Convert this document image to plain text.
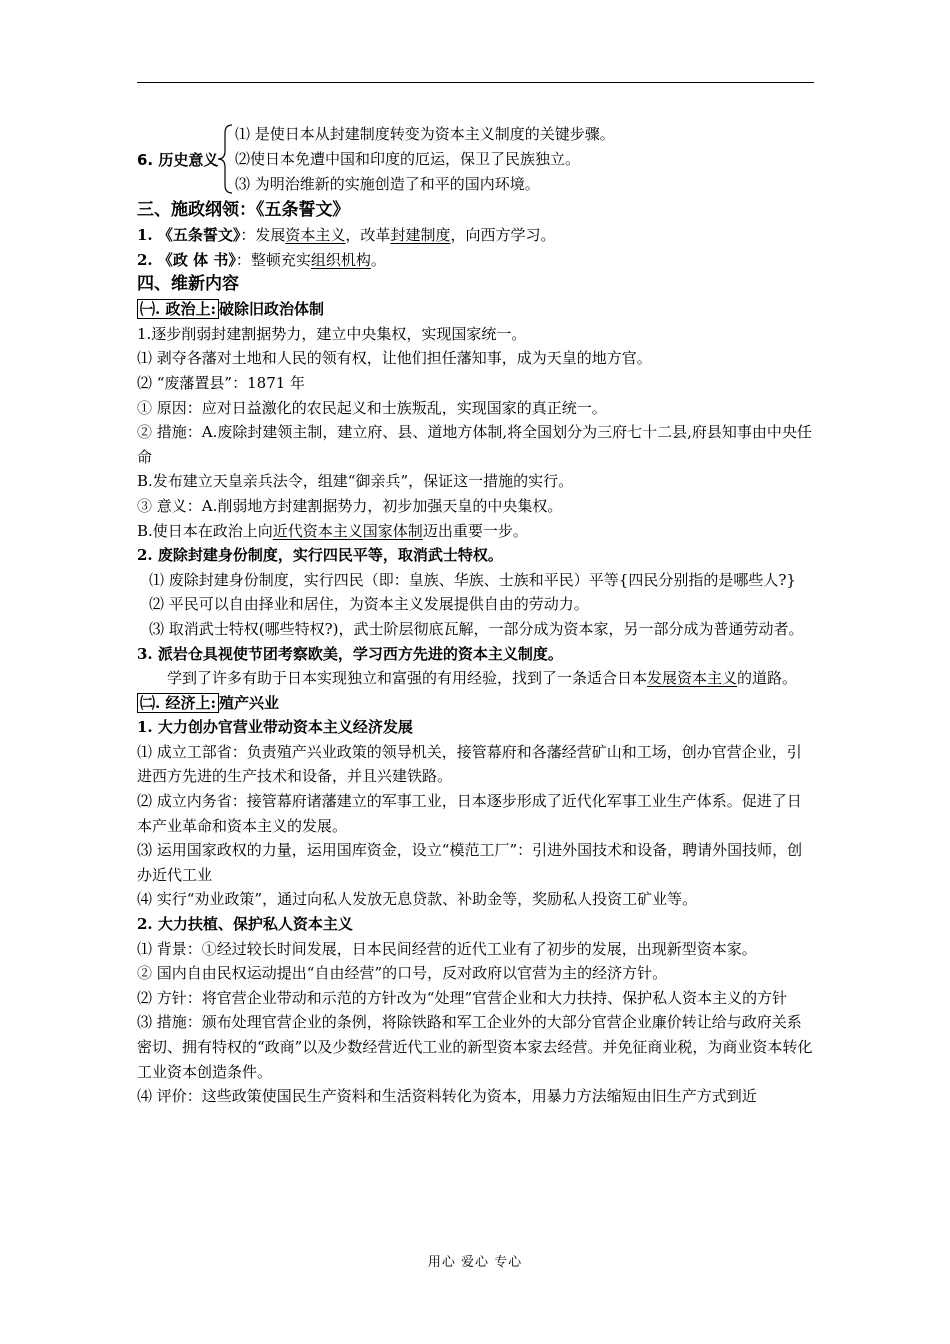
6. 历史意义

⑴ 是使日本从封建制度转变为资本主义制度的关键步骤。

⑵使日本免遭中国和印度的厄运，保卫了民族独立。

⑶ 为明治维新的实施创造了和平的国内环境。

三、施政纲领：《五条誓文》

1. 《五条誓文》：发展资本主义，改革封建制度，向西方学习。

2. 《政 体 书》：整顿充实组织机构。

四、维新内容

㈠. 政治上: 破除旧政治体制

1.逐步削弱封建割据势力，建立中央集权，实现国家统一。

⑴ 剥夺各藩对土地和人民的领有权，让他们担任藩知事，成为天皇的地方官。

⑵ “废藩置县”：1871 年

① 原因：应对日益激化的农民起义和士族叛乱，实现国家的真正统一。

② 措施：A.废除封建领主制，建立府、县、道地方体制,将全国划分为三府七十二县,府县知事由中央任命

B.发布建立天皇亲兵法令，组建“御亲兵”，保证这一措施的实行。

③ 意义：A.削弱地方封建割据势力，初步加强天皇的中央集权。

B.使日本在政治上向近代资本主义国家体制迈出重要一步。

2. 废除封建身份制度，实行四民平等，取消武士特权。

⑴ 废除封建身份制度，实行四民（即：皇族、华族、士族和平民）平等{四民分别指的是哪些人?}

⑵ 平民可以自由择业和居住，为资本主义发展提供自由的劳动力。

⑶ 取消武士特权(哪些特权?)，武士阶层彻底瓦解，一部分成为资本家，另一部分成为普通劳动者。

3. 派岩仓具视使节团考察欧美，学习西方先进的资本主义制度。

学到了许多有助于日本实现独立和富强的有用经验，找到了一条适合日本发展资本主义的道路。

㈡. 经济上: 殖产兴业

1. 大力创办官营业带动资本主义经济发展

⑴ 成立工部省：负责殖产兴业政策的领导机关，接管幕府和各藩经营矿山和工场，创办官营企业，引进西方先进的生产技术和设备，并且兴建铁路。

⑵ 成立内务省：接管幕府诸藩建立的军事工业，日本逐步形成了近代化军事工业生产体系。促进了日本产业革命和资本主义的发展。

⑶ 运用国家政权的力量，运用国库资金，设立“模范工厂”：引进外国技术和设备，聘请外国技师，创办近代工业

⑷ 实行“劝业政策”，通过向私人发放无息贷款、补助金等，奖励私人投资工矿业等。

2. 大力扶植、保护私人资本主义

⑴ 背景：①经过较长时间发展，日本民间经营的近代工业有了初步的发展，出现新型资本家。

② 国内自由民权运动提出“自由经营”的口号，反对政府以官营为主的经济方针。

⑵ 方针：将官营企业带动和示范的方针改为“处理”官营企业和大力扶持、保护私人资本主义的方针

⑶ 措施：颁布处理官营企业的条例，将除铁路和军工企业外的大部分官营企业廉价转让给与政府关系密切、拥有特权的“政商”以及少数经营近代工业的新型资本家去经营。并免征商业税，为商业资本转化工业资本创造条件。

⑷ 评价：这些政策使国民生产资料和生活资料转化为资本，用暴力方法缩短由旧生产方式到近

用心 爱心 专心
